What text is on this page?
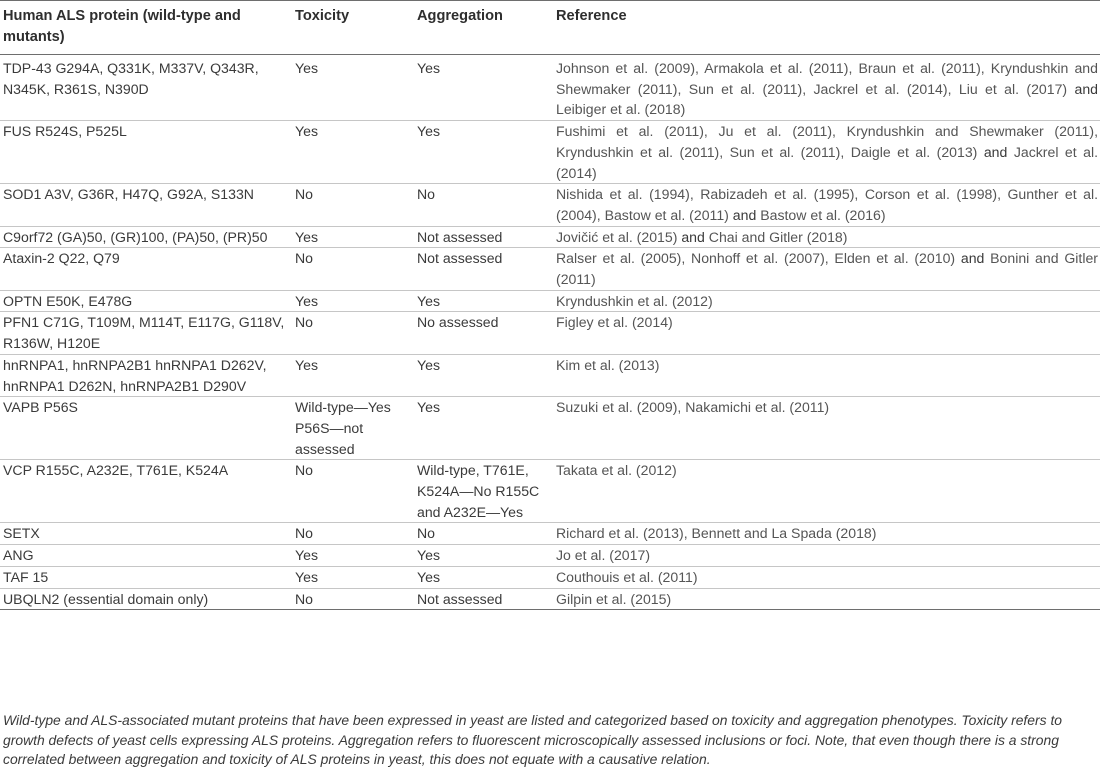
Human ALS protein (wild-type and mutants)	Toxicity	Aggregation	Reference
TDP-43 G294A, Q331K, M337V, Q343R, N345K, R361S, N390D	Yes	Yes	Johnson et al. (2009), Armakola et al. (2011), Braun et al. (2011), Kryndushkin and Shewmaker (2011), Sun et al. (2011), Jackrel et al. (2014), Liu et al. (2017) and Leibiger et al. (2018)
FUS R524S, P525L	Yes	Yes	Fushimi et al. (2011), Ju et al. (2011), Kryndushkin and Shewmaker (2011), Kryndushkin et al. (2011), Sun et al. (2011), Daigle et al. (2013) and Jackrel et al. (2014)
SOD1 A3V, G36R, H47Q, G92A, S133N	No	No	Nishida et al. (1994), Rabizadeh et al. (1995), Corson et al. (1998), Gunther et al. (2004), Bastow et al. (2011) and Bastow et al. (2016)
C9orf72 (GA)50, (GR)100, (PA)50, (PR)50	Yes	Not assessed	Jovičić et al. (2015) and Chai and Gitler (2018)
Ataxin-2 Q22, Q79	No	Not assessed	Ralser et al. (2005), Nonhoff et al. (2007), Elden et al. (2010) and Bonini and Gitler (2011)
OPTN E50K, E478G	Yes	Yes	Kryndushkin et al. (2012)
PFN1 C71G, T109M, M114T, E117G, G118V, R136W, H120E	No	No assessed	Figley et al. (2014)
hnRNPA1, hnRNPA2B1 hnRNPA1 D262V, hnRNPA1 D262N, hnRNPA2B1 D290V	Yes	Yes	Kim et al. (2013)
VAPB P56S	Wild-type—Yes P56S—not assessed	Yes	Suzuki et al. (2009), Nakamichi et al. (2011)
VCP R155C, A232E, T761E, K524A	No	Wild-type, T761E, K524A—No R155C and A232E—Yes	Takata et al. (2012)
SETX	No	No	Richard et al. (2013), Bennett and La Spada (2018)
ANG	Yes	Yes	Jo et al. (2017)
TAF 15	Yes	Yes	Couthouis et al. (2011)
UBQLN2 (essential domain only)	No	Not assessed	Gilpin et al. (2015)

Wild-type and ALS-associated mutant proteins that have been expressed in yeast are listed and categorized based on toxicity and aggregation phenotypes. Toxicity refers to growth defects of yeast cells expressing ALS proteins. Aggregation refers to fluorescent microscopically assessed inclusions or foci. Note, that even though there is a strong correlated between aggregation and toxicity of ALS proteins in yeast, this does not equate with a causative relation.
